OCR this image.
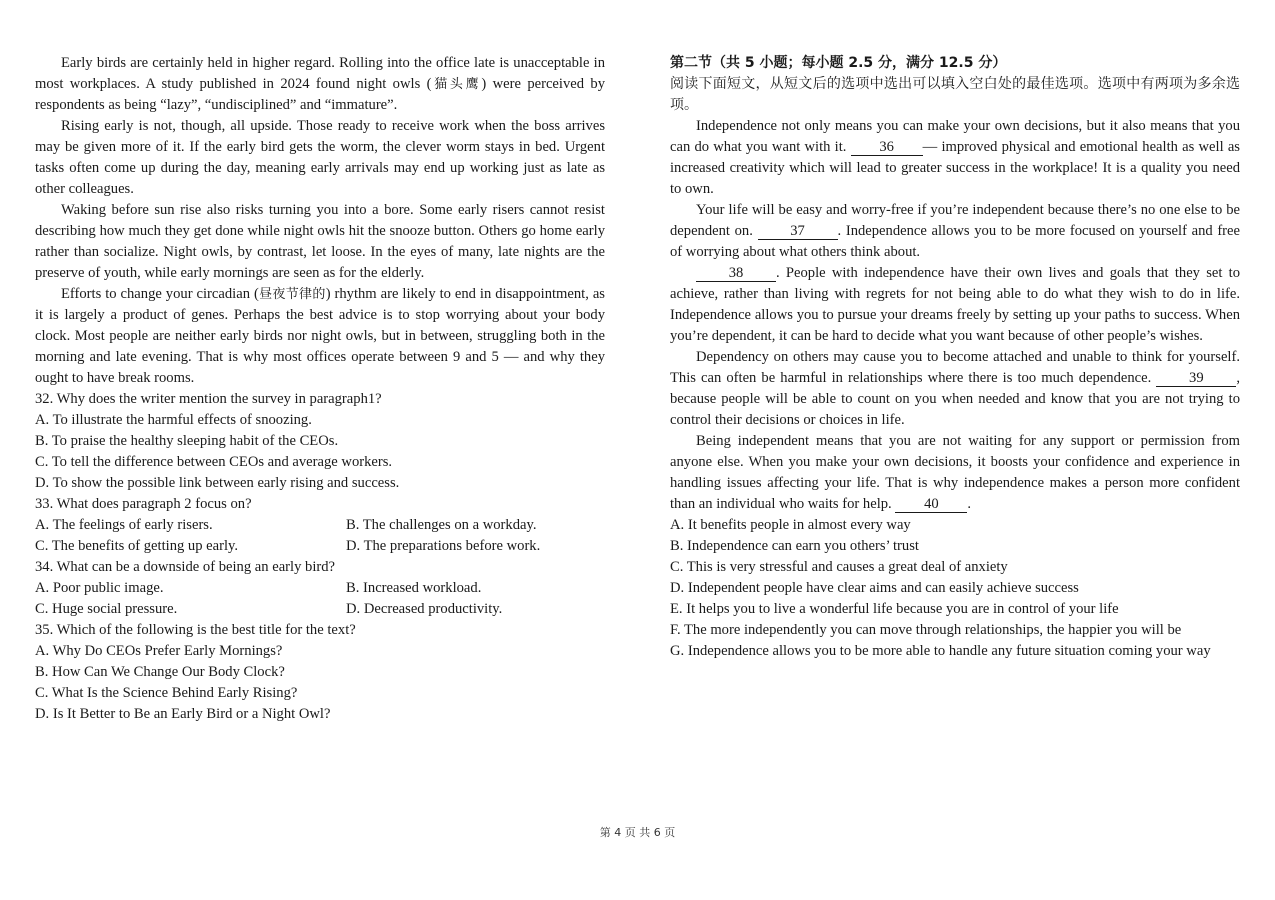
Early birds are certainly held in higher regard. Rolling into the office late is unacceptable in most workplaces. A study published in 2024 found night owls (猫头鹰) were perceived by respondents as being “lazy”, “undisciplined” and “immature”.

Rising early is not, though, all upside. Those ready to receive work when the boss arrives may be given more of it. If the early bird gets the worm, the clever worm stays in bed. Urgent tasks often come up during the day, meaning early arrivals may end up working just as late as other colleagues.

Waking before sun rise also risks turning you into a bore. Some early risers cannot resist describing how much they get done while night owls hit the snooze button. Others go home early rather than socialize. Night owls, by contrast, let loose. In the eyes of many, late nights are the preserve of youth, while early mornings are seen as for the elderly.

Efforts to change your circadian (昼夜节律的) rhythm are likely to end in disappointment, as it is largely a product of genes. Perhaps the best advice is to stop worrying about your body clock. Most people are neither early birds nor night owls, but in between, struggling both in the morning and late evening. That is why most offices operate between 9 and 5 — and why they ought to have break rooms.

32. Why does the writer mention the survey in paragraph1?

A. To illustrate the harmful effects of snoozing.

B. To praise the healthy sleeping habit of the CEOs.

C. To tell the difference between CEOs and average workers.

D. To show the possible link between early rising and success.

33. What does paragraph 2 focus on?

A. The feelings of early risers.	B. The challenges on a workday.
C. The benefits of getting up early.	D. The preparations before work.

34. What can be a downside of being an early bird?

A. Poor public image.	B. Increased workload.
C. Huge social pressure.	D. Decreased productivity.

35. Which of the following is the best title for the text?

A. Why Do CEOs Prefer Early Mornings?

B. How Can We Change Our Body Clock?

C. What Is the Science Behind Early Rising?

D. Is It Better to Be an Early Bird or a Night Owl?

第二节（共 5 小题；每小题 2.5 分，满分 12.5 分）

阅读下面短文，从短文后的选项中选出可以填入空白处的最佳选项。选项中有两项为多余选项。

Independence not only means you can make your own decisions, but it also means that you can do what you want with it. 36 — improved physical and emotional health as well as increased creativity which will lead to greater success in the workplace! It is a quality you need to own.

Your life will be easy and worry-free if you’re independent because there’s no one else to be dependent on.	37 . Independence allows you to be more focused on yourself and free of worrying about what others think about.

38 . People with independence have their own lives and goals that they set to achieve, rather than living with regrets for not being able to do what they wish to do in life. Independence allows you to pursue your dreams freely by setting up your paths to success. When you’re dependent, it can be hard to decide what you want because of other people’s wishes.

Dependency on others may cause you to become attached and unable to think for yourself. This can often be harmful in relationships where there is too much dependence.	39 , because people will be able to count on you when needed and know that you are not trying to control their decisions or choices in life.

Being independent means that you are not waiting for any support or permission from anyone else. When you make your own decisions, it boosts your confidence and experience in handling issues affecting your life. That is why independence makes a person more confident than an individual who waits for help. 40 .

A. It benefits people in almost every way

B. Independence can earn you others’ trust

C. This is very stressful and causes a great deal of anxiety

D. Independent people have clear aims and can easily achieve success

E. It helps you to live a wonderful life because you are in control of your life

F. The more independently you can move through relationships, the happier you will be

G. Independence allows you to be more able to handle any future situation coming your way

第 4 页 共 6 页
